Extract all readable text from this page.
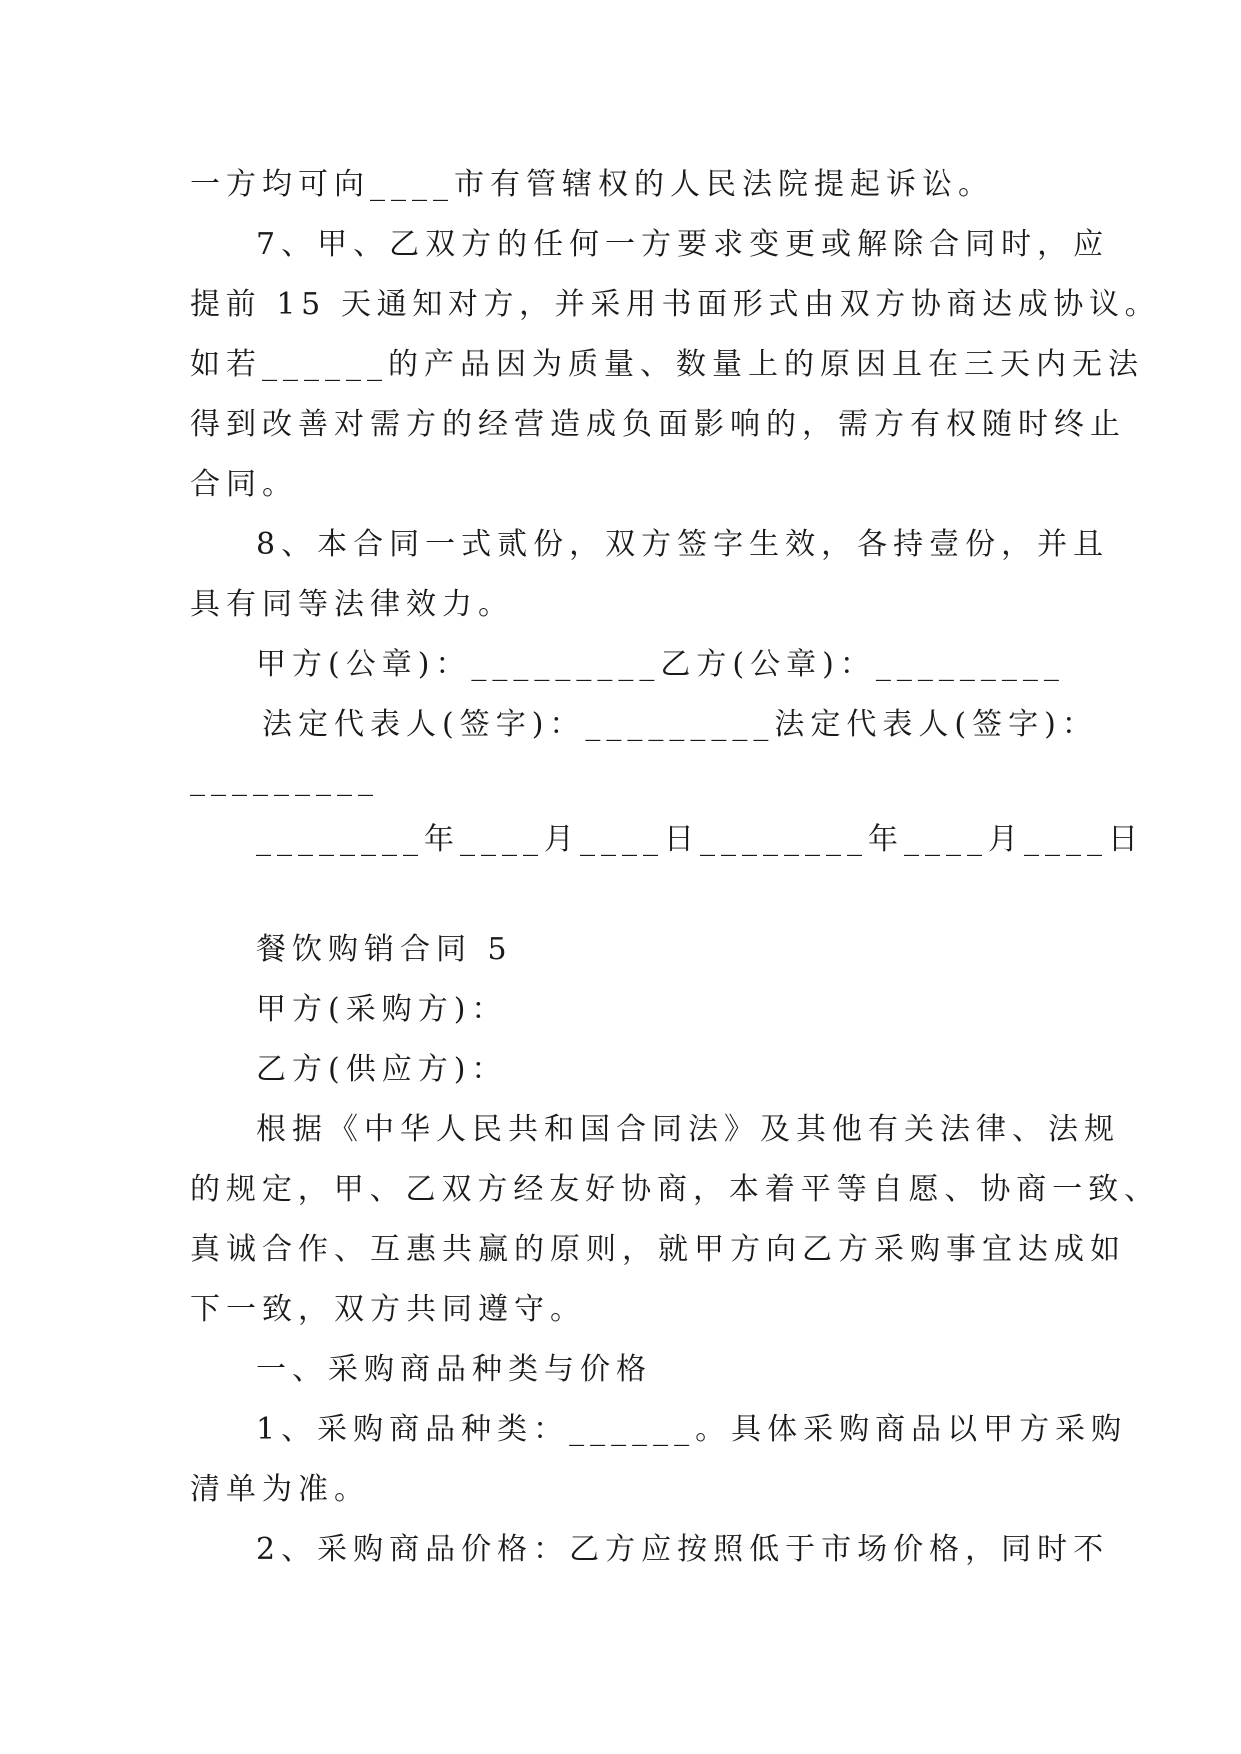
一方均可向____市有管辖权的人民法院提起诉讼。
7、甲、乙双方的任何一方要求变更或解除合同时，应
提前 15 天通知对方，并采用书面形式由双方协商达成协议。
如若______的产品因为质量、数量上的原因且在三天内无法
得到改善对需方的经营造成负面影响的，需方有权随时终止
合同。
8、本合同一式贰份，双方签字生效，各持壹份，并且
具有同等法律效力。
甲方(公章)：_________乙方(公章)：_________
法定代表人(签字)：_________法定代表人(签字)：
_________
________年____月____日________年____月____日
餐饮购销合同 5
甲方(采购方)：
乙方(供应方)：
根据《中华人民共和国合同法》及其他有关法律、法规
的规定，甲、乙双方经友好协商，本着平等自愿、协商一致、
真诚合作、互惠共赢的原则，就甲方向乙方采购事宜达成如
下一致，双方共同遵守。
一、采购商品种类与价格
1、采购商品种类：______。具体采购商品以甲方采购
清单为准。
2、采购商品价格：乙方应按照低于市场价格，同时不
